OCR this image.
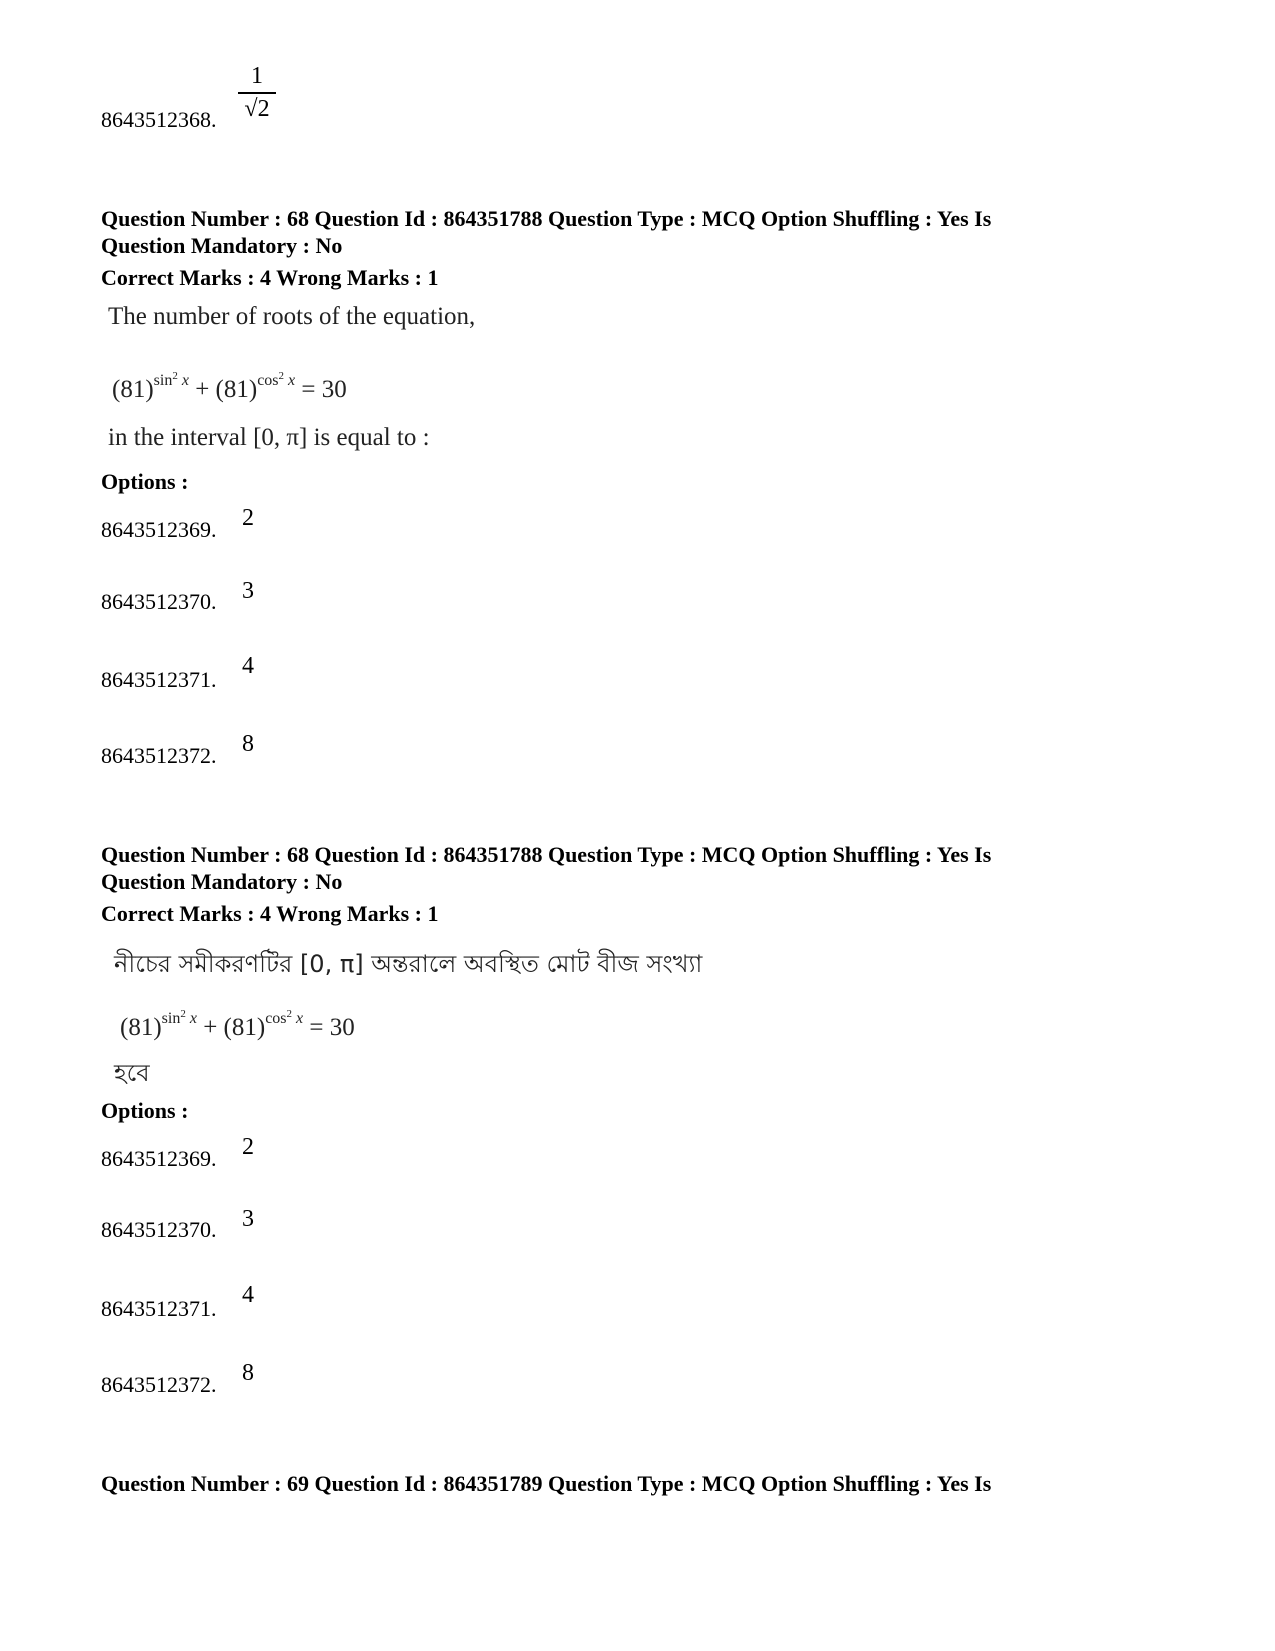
8643512368.
1
√2
Question Number : 68 Question Id : 864351788 Question Type : MCQ Option Shuffling : Yes Is
Question Mandatory : No
Correct Marks : 4 Wrong Marks : 1
The number of roots of the equation,
$(81)^{sin^2 x} + (81)^{cos^2 x} = 30$
in the interval [0, π] is equal to :
Options :
8643512369. 2
8643512370. 3
8643512371.
4
8643512372. 8
Question Number : 68 Question Id : 864351788 Question Type : MCQ Option Shuffling : Yes Is
Question Mandatory : No
Correct Marks : 4 Wrong Marks : 1
নীচের সমীকরণটির [0, π] অন্তরালে অবস্থিত মোট বীজ সংখ্যা
$(81)^{sin^2 x} + (81)^{cos^2 x} = 30$
হবে
Options :
8643512369. 2
8643512370. 3
8643512371.
4
8643512372. 8
Question Number : 69 Question Id : 864351789 Question Type : MCQ Option Shuffling : Yes Is
